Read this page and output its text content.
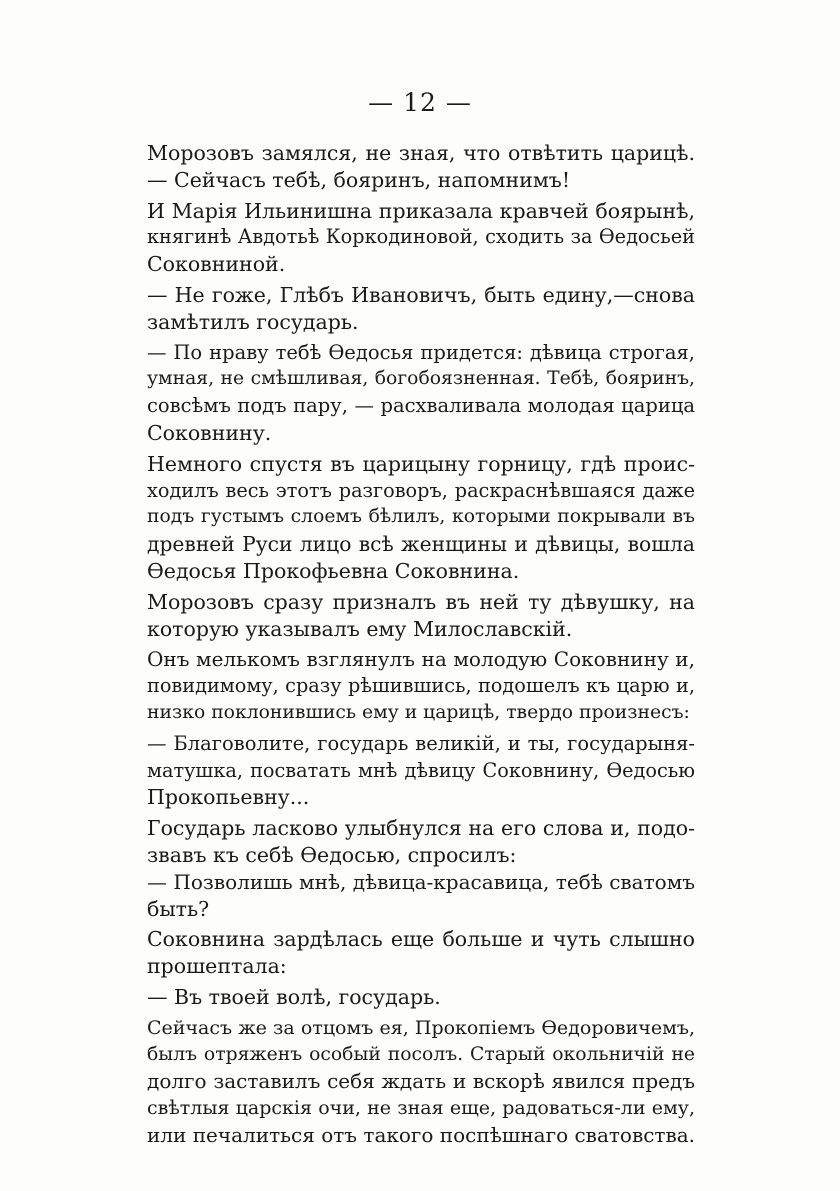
— 12 —
Морозовъ замялся, не зная, что отвѣтить царицѣ.
— Сейчасъ тебѣ, бояринъ, напомнимъ!
И Марія Ильинишна приказала кравчей боярынѣ,
княгинѣ Авдотьѣ Коркодиновой, сходить за Ѳедосьей
Соковниной.
— Не гоже, Глѣбъ Ивановичъ, быть едину,—снова
замѣтилъ государь.
— По нраву тебѣ Ѳедосья придется: дѣвица строгая,
умная, не смѣшливая, богобоязненная. Тебѣ, бояринъ,
совсѣмъ подъ пару, — расхваливала молодая царица
Соковнину.
Немного спустя въ царицыну горницу, гдѣ проис-
ходилъ весь этотъ разговоръ, раскраснѣвшаяся даже
подъ густымъ слоемъ бѣлилъ, которыми покрывали въ
древней Руси лицо всѣ женщины и дѣвицы, вошла
Ѳедосья Прокофьевна Соковнина.
Морозовъ сразу призналъ въ ней ту дѣвушку, на
которую указывалъ ему Милославскій.
Онъ мелькомъ взглянулъ на молодую Соковнину и,
повидимому, сразу рѣшившись, подошелъ къ царю и,
низко поклонившись ему и царицѣ, твердо произнесъ:
— Благоволите, государь великій, и ты, государыня-
матушка, посватать мнѣ дѣвицу Соковнину, Ѳедосью
Прокопьевну...
Государь ласково улыбнулся на его слова и, подо-
звавъ къ себѣ Ѳедосью, спросилъ:
— Позволишь мнѣ, дѣвица-красавица, тебѣ сватомъ
быть?
Соковнина зардѣлась еще больше и чуть слышно
прошептала:
— Въ твоей волѣ, государь.
Сейчасъ же за отцомъ ея, Прокопіемъ Ѳедоровичемъ,
былъ отряженъ особый посолъ. Старый окольничій не
долго заставилъ себя ждать и вскорѣ явился предъ
свѣтлыя царскія очи, не зная еще, радоваться-ли ему,
или печалиться отъ такого поспѣшнаго сватовства.
